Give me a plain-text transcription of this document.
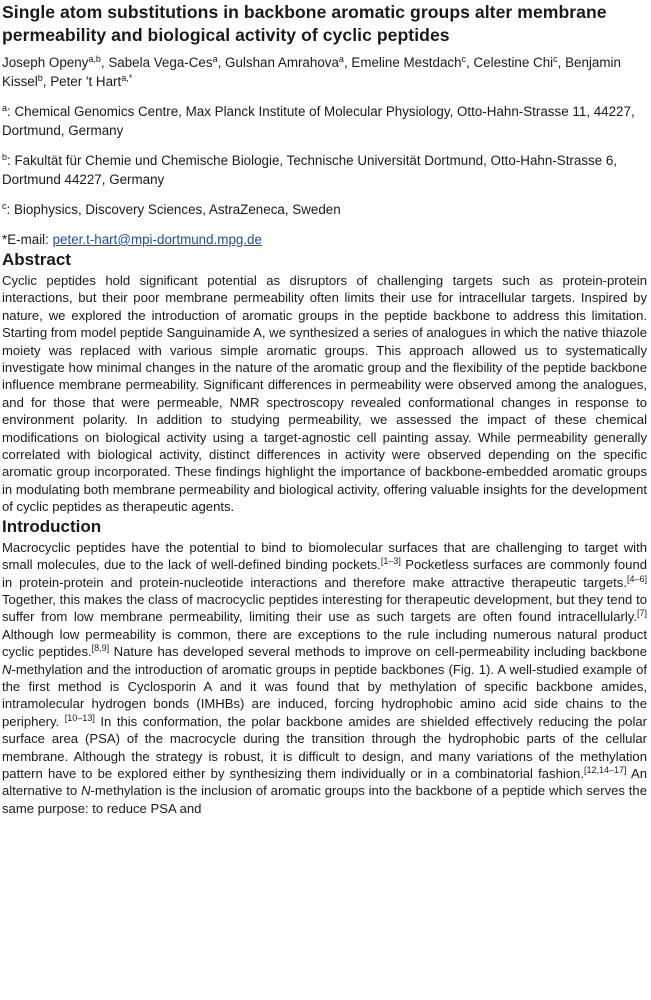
Single atom substitutions in backbone aromatic groups alter membrane permeability and biological activity of cyclic peptides
Joseph Openy$^{a,b}$, Sabela Vega-Ces$^a$, Gulshan Amrahova$^a$, Emeline Mestdach$^c$, Celestine Chi$^c$, Benjamin Kissel$^b$, Peter 't Hart$^{a,*}$
$^a$: Chemical Genomics Centre, Max Planck Institute of Molecular Physiology, Otto-Hahn-Strasse 11, 44227, Dortmund, Germany
$^b$: Fakultät für Chemie und Chemische Biologie, Technische Universität Dortmund, Otto-Hahn-Strasse 6, Dortmund 44227, Germany
$^c$: Biophysics, Discovery Sciences, AstraZeneca, Sweden
*E-mail: peter.t-hart@mpi-dortmund.mpg.de
Abstract

Cyclic peptides hold significant potential as disruptors of challenging targets such as protein-protein interactions, but their poor membrane permeability often limits their use for intracellular targets. Inspired by nature, we explored the introduction of aromatic groups in the peptide backbone to address this limitation. Starting from model peptide Sanguinamide A, we synthesized a series of analogues in which the native thiazole moiety was replaced with various simple aromatic groups. This approach allowed us to systematically investigate how minimal changes in the nature of the aromatic group and the flexibility of the peptide backbone influence membrane permeability. Significant differences in permeability were observed among the analogues, and for those that were permeable, NMR spectroscopy revealed conformational changes in response to environment polarity. In addition to studying permeability, we assessed the impact of these chemical modifications on biological activity using a target-agnostic cell painting assay. While permeability generally correlated with biological activity, distinct differences in activity were observed depending on the specific aromatic group incorporated. These findings highlight the importance of backbone-embedded aromatic groups in modulating both membrane permeability and biological activity, offering valuable insights for the development of cyclic peptides as therapeutic agents.

Introduction

Macrocyclic peptides have the potential to bind to biomolecular surfaces that are challenging to target with small molecules, due to the lack of well-defined binding pockets.[1–3] Pocketless surfaces are commonly found in protein-protein and protein-nucleotide interactions and therefore make attractive therapeutic targets.[4–6] Together, this makes the class of macrocyclic peptides interesting for therapeutic development, but they tend to suffer from low membrane permeability, limiting their use as such targets are often found intracellularly.[7] Although low permeability is common, there are exceptions to the rule including numerous natural product cyclic peptides.[8,9] Nature has developed several methods to improve on cell-permeability including backbone N-methylation and the introduction of aromatic groups in peptide backbones (Fig. 1). A well-studied example of the first method is Cyclosporin A and it was found that by methylation of specific backbone amides, intramolecular hydrogen bonds (IMHBs) are induced, forcing hydrophobic amino acid side chains to the periphery. [10–13] In this conformation, the polar backbone amides are shielded effectively reducing the polar surface area (PSA) of the macrocycle during the transition through the hydrophobic parts of the cellular membrane. Although the strategy is robust, it is difficult to design, and many variations of the methylation pattern have to be explored either by synthesizing them individually or in a combinatorial fashion.[12,14–17] An alternative to N-methylation is the inclusion of aromatic groups into the backbone of a peptide which serves the same purpose: to reduce PSA and
